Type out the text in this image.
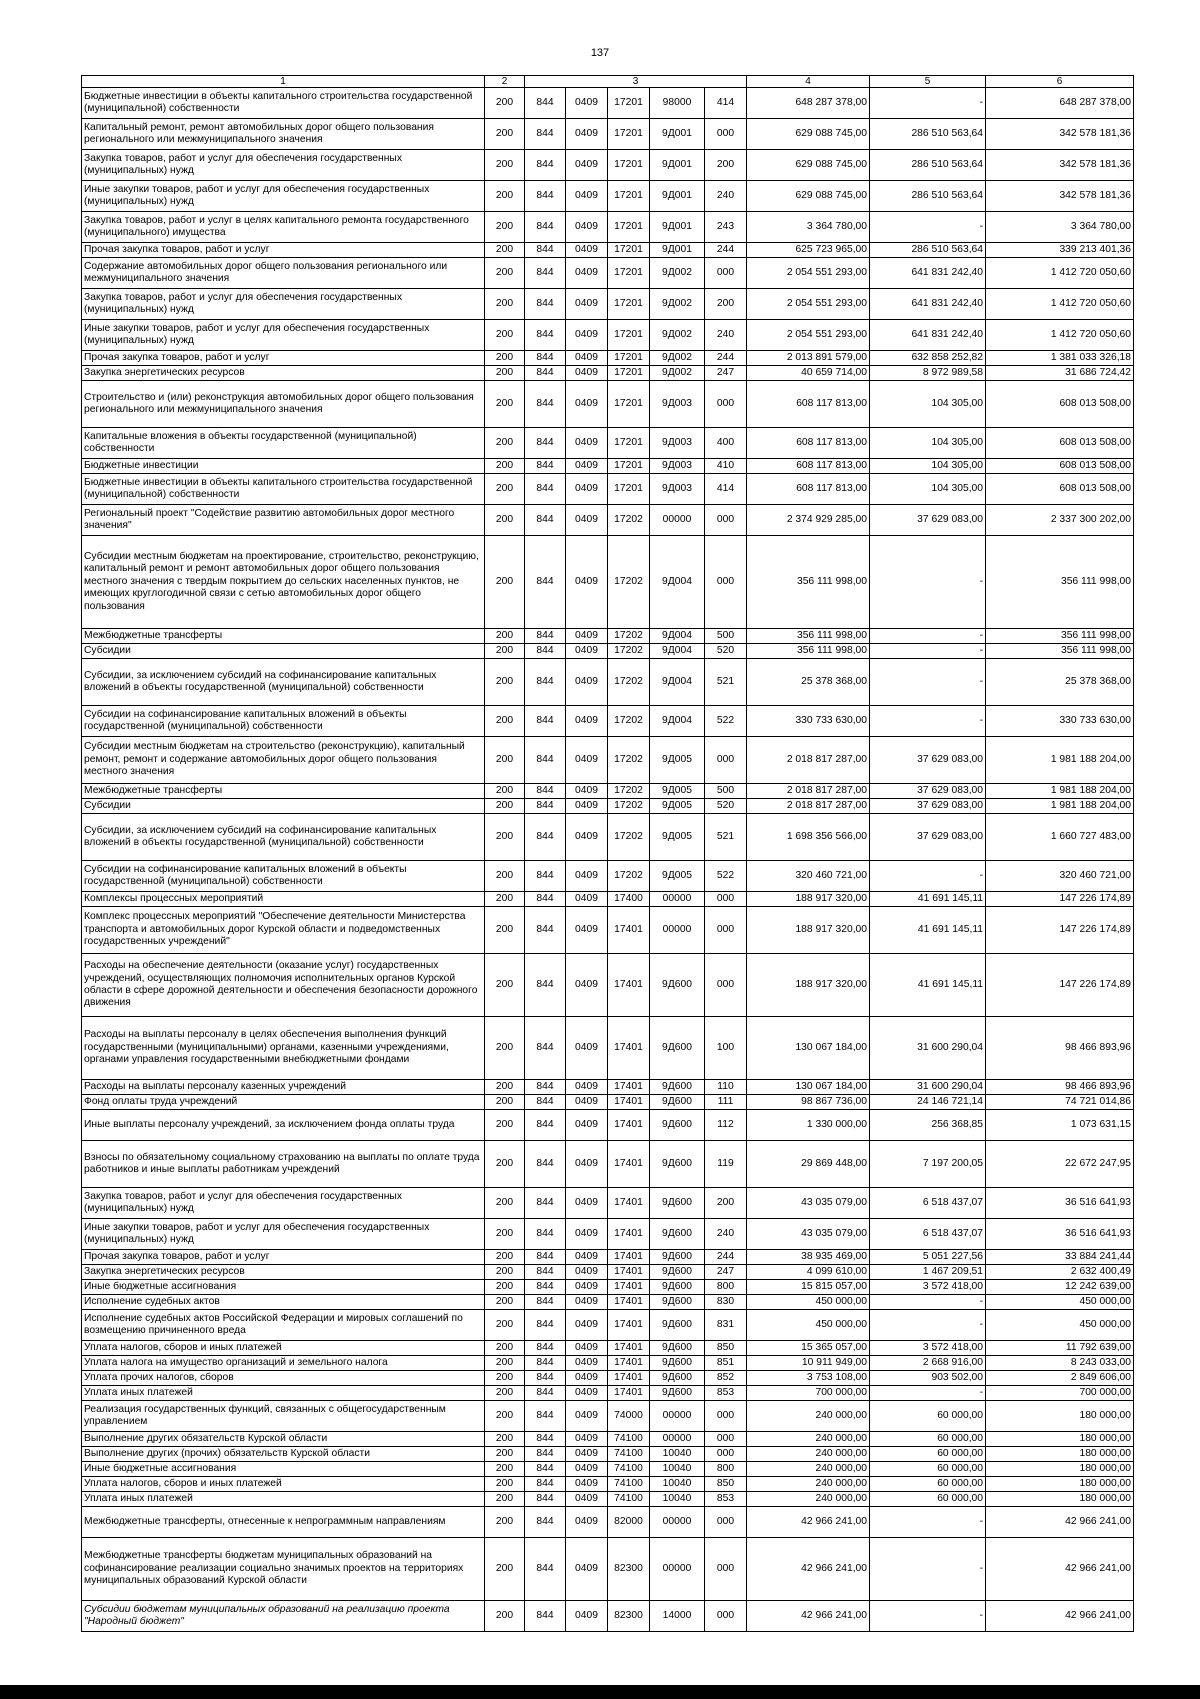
137
1	2	3					4	5	6
Бюджетные инвестиции в объекты капитального строительства государственной (муниципальной) собственности	200	844	0409	17201	98000	414	648 287 378,00	-	648 287 378,00
Капитальный ремонт, ремонт автомобильных дорог общего пользования регионального или межмуниципального значения	200	844	0409	17201	9Д001	000	629 088 745,00	286 510 563,64	342 578 181,36
Закупка товаров, работ и услуг для обеспечения государственных (муниципальных) нужд	200	844	0409	17201	9Д001	200	629 088 745,00	286 510 563,64	342 578 181,36
Иные закупки товаров, работ и услуг для обеспечения государственных (муниципальных) нужд	200	844	0409	17201	9Д001	240	629 088 745,00	286 510 563,64	342 578 181,36
Закупка товаров, работ и услуг в целях капитального ремонта государственного (муниципального) имущества	200	844	0409	17201	9Д001	243	3 364 780,00	-	3 364 780,00
Прочая закупка товаров, работ и услуг	200	844	0409	17201	9Д001	244	625 723 965,00	286 510 563,64	339 213 401,36
Содержание автомобильных дорог общего пользования регионального или межмуниципального значения	200	844	0409	17201	9Д002	000	2 054 551 293,00	641 831 242,40	1 412 720 050,60
Закупка товаров, работ и услуг для обеспечения государственных (муниципальных) нужд	200	844	0409	17201	9Д002	200	2 054 551 293,00	641 831 242,40	1 412 720 050,60
Иные закупки товаров, работ и услуг для обеспечения государственных (муниципальных) нужд	200	844	0409	17201	9Д002	240	2 054 551 293,00	641 831 242,40	1 412 720 050,60
Прочая закупка товаров, работ и услуг	200	844	0409	17201	9Д002	244	2 013 891 579,00	632 858 252,82	1 381 033 326,18
Закупка энергетических ресурсов	200	844	0409	17201	9Д002	247	40 659 714,00	8 972 989,58	31 686 724,42
Строительство и (или) реконструкция автомобильных дорог общего пользования регионального или межмуниципального значения	200	844	0409	17201	9Д003	000	608 117 813,00	104 305,00	608 013 508,00
Капитальные вложения в объекты государственной (муниципальной) собственности	200	844	0409	17201	9Д003	400	608 117 813,00	104 305,00	608 013 508,00
Бюджетные инвестиции	200	844	0409	17201	9Д003	410	608 117 813,00	104 305,00	608 013 508,00
Бюджетные инвестиции в объекты капитального строительства государственной (муниципальной) собственности	200	844	0409	17201	9Д003	414	608 117 813,00	104 305,00	608 013 508,00
Региональный проект "Содействие развитию автомобильных дорог местного значения"	200	844	0409	17202	00000	000	2 374 929 285,00	37 629 083,00	2 337 300 202,00
Субсидии местным бюджетам на проектирование, строительство, реконструкцию, капитальный ремонт и ремонт автомобильных дорог общего пользования местного значения с твердым покрытием до сельских населенных пунктов, не имеющих круглогодичной связи с сетью автомобильных дорог общего пользования	200	844	0409	17202	9Д004	000	356 111 998,00	-	356 111 998,00
Межбюджетные трансферты	200	844	0409	17202	9Д004	500	356 111 998,00	-	356 111 998,00
Субсидии	200	844	0409	17202	9Д004	520	356 111 998,00	-	356 111 998,00
Субсидии, за исключением субсидий на софинансирование капитальных вложений в объекты государственной (муниципальной) собственности	200	844	0409	17202	9Д004	521	25 378 368,00	-	25 378 368,00
Субсидии на софинансирование капитальных вложений в объекты государственной (муниципальной) собственности	200	844	0409	17202	9Д004	522	330 733 630,00	-	330 733 630,00
Субсидии местным бюджетам на строительство (реконструкцию), капитальный ремонт, ремонт и содержание автомобильных дорог общего пользования местного значения	200	844	0409	17202	9Д005	000	2 018 817 287,00	37 629 083,00	1 981 188 204,00
Межбюджетные трансферты	200	844	0409	17202	9Д005	500	2 018 817 287,00	37 629 083,00	1 981 188 204,00
Субсидии	200	844	0409	17202	9Д005	520	2 018 817 287,00	37 629 083,00	1 981 188 204,00
Субсидии, за исключением субсидий на софинансирование капитальных вложений в объекты государственной (муниципальной) собственности	200	844	0409	17202	9Д005	521	1 698 356 566,00	37 629 083,00	1 660 727 483,00
Субсидии на софинансирование капитальных вложений в объекты государственной (муниципальной) собственности	200	844	0409	17202	9Д005	522	320 460 721,00	-	320 460 721,00
Комплексы процессных мероприятий	200	844	0409	17400	00000	000	188 917 320,00	41 691 145,11	147 226 174,89
Комплекс процессных мероприятий "Обеспечение деятельности Министерства транспорта и автомобильных дорог Курской области и подведомственных государственных учреждений"	200	844	0409	17401	00000	000	188 917 320,00	41 691 145,11	147 226 174,89
Расходы на обеспечение деятельности (оказание услуг) государственных учреждений, осуществляющих полномочия исполнительных органов Курской области в сфере дорожной деятельности и обеспечения безопасности дорожного движения	200	844	0409	17401	9Д600	000	188 917 320,00	41 691 145,11	147 226 174,89
Расходы на выплаты персоналу в целях обеспечения выполнения функций государственными (муниципальными) органами, казенными учреждениями, органами управления государственными внебюджетными фондами	200	844	0409	17401	9Д600	100	130 067 184,00	31 600 290,04	98 466 893,96
Расходы на выплаты персоналу казенных учреждений	200	844	0409	17401	9Д600	110	130 067 184,00	31 600 290,04	98 466 893,96
Фонд оплаты труда учреждений	200	844	0409	17401	9Д600	111	98 867 736,00	24 146 721,14	74 721 014,86
Иные выплаты персоналу учреждений, за исключением фонда оплаты труда	200	844	0409	17401	9Д600	112	1 330 000,00	256 368,85	1 073 631,15
Взносы по обязательному социальному страхованию на выплаты по оплате труда работников и иные выплаты работникам учреждений	200	844	0409	17401	9Д600	119	29 869 448,00	7 197 200,05	22 672 247,95
Закупка товаров, работ и услуг для обеспечения государственных (муниципальных) нужд	200	844	0409	17401	9Д600	200	43 035 079,00	6 518 437,07	36 516 641,93
Иные закупки товаров, работ и услуг для обеспечения государственных (муниципальных) нужд	200	844	0409	17401	9Д600	240	43 035 079,00	6 518 437,07	36 516 641,93
Прочая закупка товаров, работ и услуг	200	844	0409	17401	9Д600	244	38 935 469,00	5 051 227,56	33 884 241,44
Закупка энергетических ресурсов	200	844	0409	17401	9Д600	247	4 099 610,00	1 467 209,51	2 632 400,49
Иные бюджетные ассигнования	200	844	0409	17401	9Д600	800	15 815 057,00	3 572 418,00	12 242 639,00
Исполнение судебных актов	200	844	0409	17401	9Д600	830	450 000,00	-	450 000,00
Исполнение судебных актов Российской Федерации и мировых соглашений по возмещению причиненного вреда	200	844	0409	17401	9Д600	831	450 000,00	-	450 000,00
Уплата налогов, сборов и иных платежей	200	844	0409	17401	9Д600	850	15 365 057,00	3 572 418,00	11 792 639,00
Уплата налога на имущество организаций и земельного налога	200	844	0409	17401	9Д600	851	10 911 949,00	2 668 916,00	8 243 033,00
Уплата прочих налогов, сборов	200	844	0409	17401	9Д600	852	3 753 108,00	903 502,00	2 849 606,00
Уплата иных платежей	200	844	0409	17401	9Д600	853	700 000,00	-	700 000,00
Реализация государственных функций, связанных с общегосударственным управлением	200	844	0409	74000	00000	000	240 000,00	60 000,00	180 000,00
Выполнение других обязательств Курской области	200	844	0409	74100	00000	000	240 000,00	60 000,00	180 000,00
Выполнение других (прочих) обязательств Курской области	200	844	0409	74100	10040	000	240 000,00	60 000,00	180 000,00
Иные бюджетные ассигнования	200	844	0409	74100	10040	800	240 000,00	60 000,00	180 000,00
Уплата налогов, сборов и иных платежей	200	844	0409	74100	10040	850	240 000,00	60 000,00	180 000,00
Уплата иных платежей	200	844	0409	74100	10040	853	240 000,00	60 000,00	180 000,00
Межбюджетные трансферты, отнесенные к непрограммным направлениям	200	844	0409	82000	00000	000	42 966 241,00	-	42 966 241,00
Межбюджетные трансферты бюджетам муниципальных образований на софинансирование реализации социально значимых проектов на территориях муниципальных образований Курской области	200	844	0409	82300	00000	000	42 966 241,00	-	42 966 241,00
Субсидии бюджетам муниципальных образований на реализацию проекта "Народный бюджет"	200	844	0409	82300	14000	000	42 966 241,00	-	42 966 241,00
